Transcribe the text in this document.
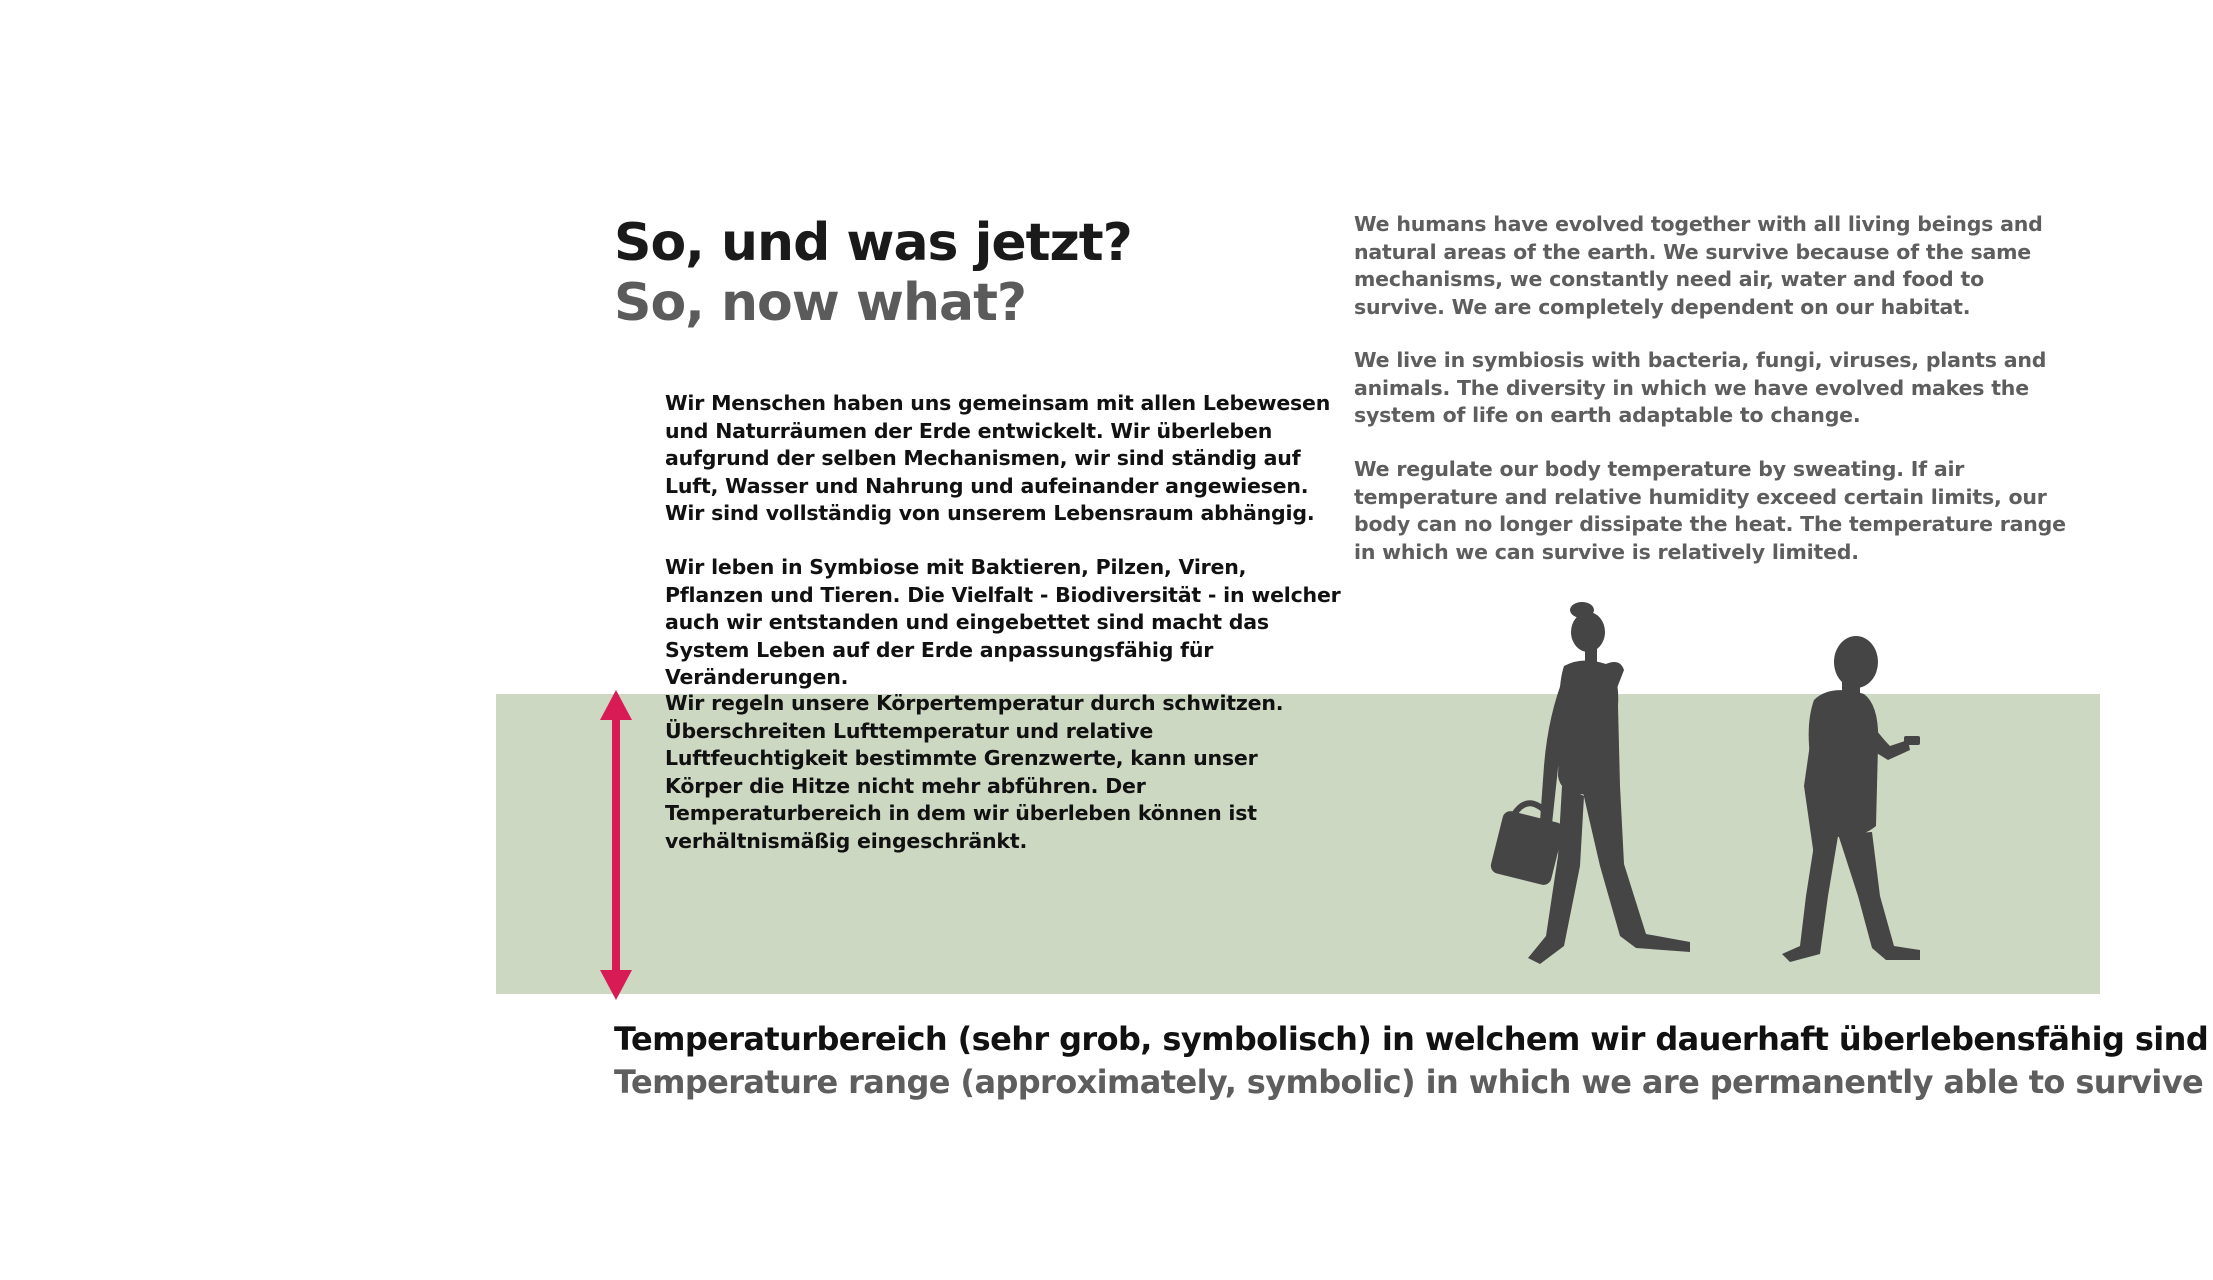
So, und was jetzt?
So, now what?

Wir Menschen haben uns gemeinsam mit allen Lebewesen und Naturräumen der Erde entwickelt. Wir überleben aufgrund der selben Mechanismen, wir sind ständig auf Luft, Wasser und Nahrung und aufeinander angewiesen. Wir sind vollständig von unserem Lebensraum abhängig.

Wir leben in Symbiose mit Baktieren, Pilzen, Viren, Pflanzen und Tieren. Die Vielfalt - Biodiversität - in welcher auch wir entstanden und eingebettet sind macht das System Leben auf der Erde anpassungsfähig für Veränderungen.

Wir regeln unsere Körpertemperatur durch schwitzen. Überschreiten Lufttemperatur und relative Luftfeuchtigkeit bestimmte Grenzwerte, kann unser Körper die Hitze nicht mehr abführen. Der Temperaturbereich in dem wir überleben können ist verhältnismäßig eingeschränkt.

We humans have evolved together with all living beings and natural areas of the earth. We survive because of the same mechanisms, we constantly need air, water and food to survive. We are completely dependent on our habitat.

We live in symbiosis with bacteria, fungi, viruses, plants and animals. The diversity in which we have evolved makes the system of life on earth adaptable to change.

We regulate our body temperature by sweating. If air temperature and relative humidity exceed certain limits, our body can no longer dissipate the heat. The temperature range in which we can survive is relatively limited.

Temperaturbereich (sehr grob, symbolisch) in welchem wir dauerhaft überlebensfähig sind
Temperature range (approximately, symbolic) in which we are permanently able to survive
